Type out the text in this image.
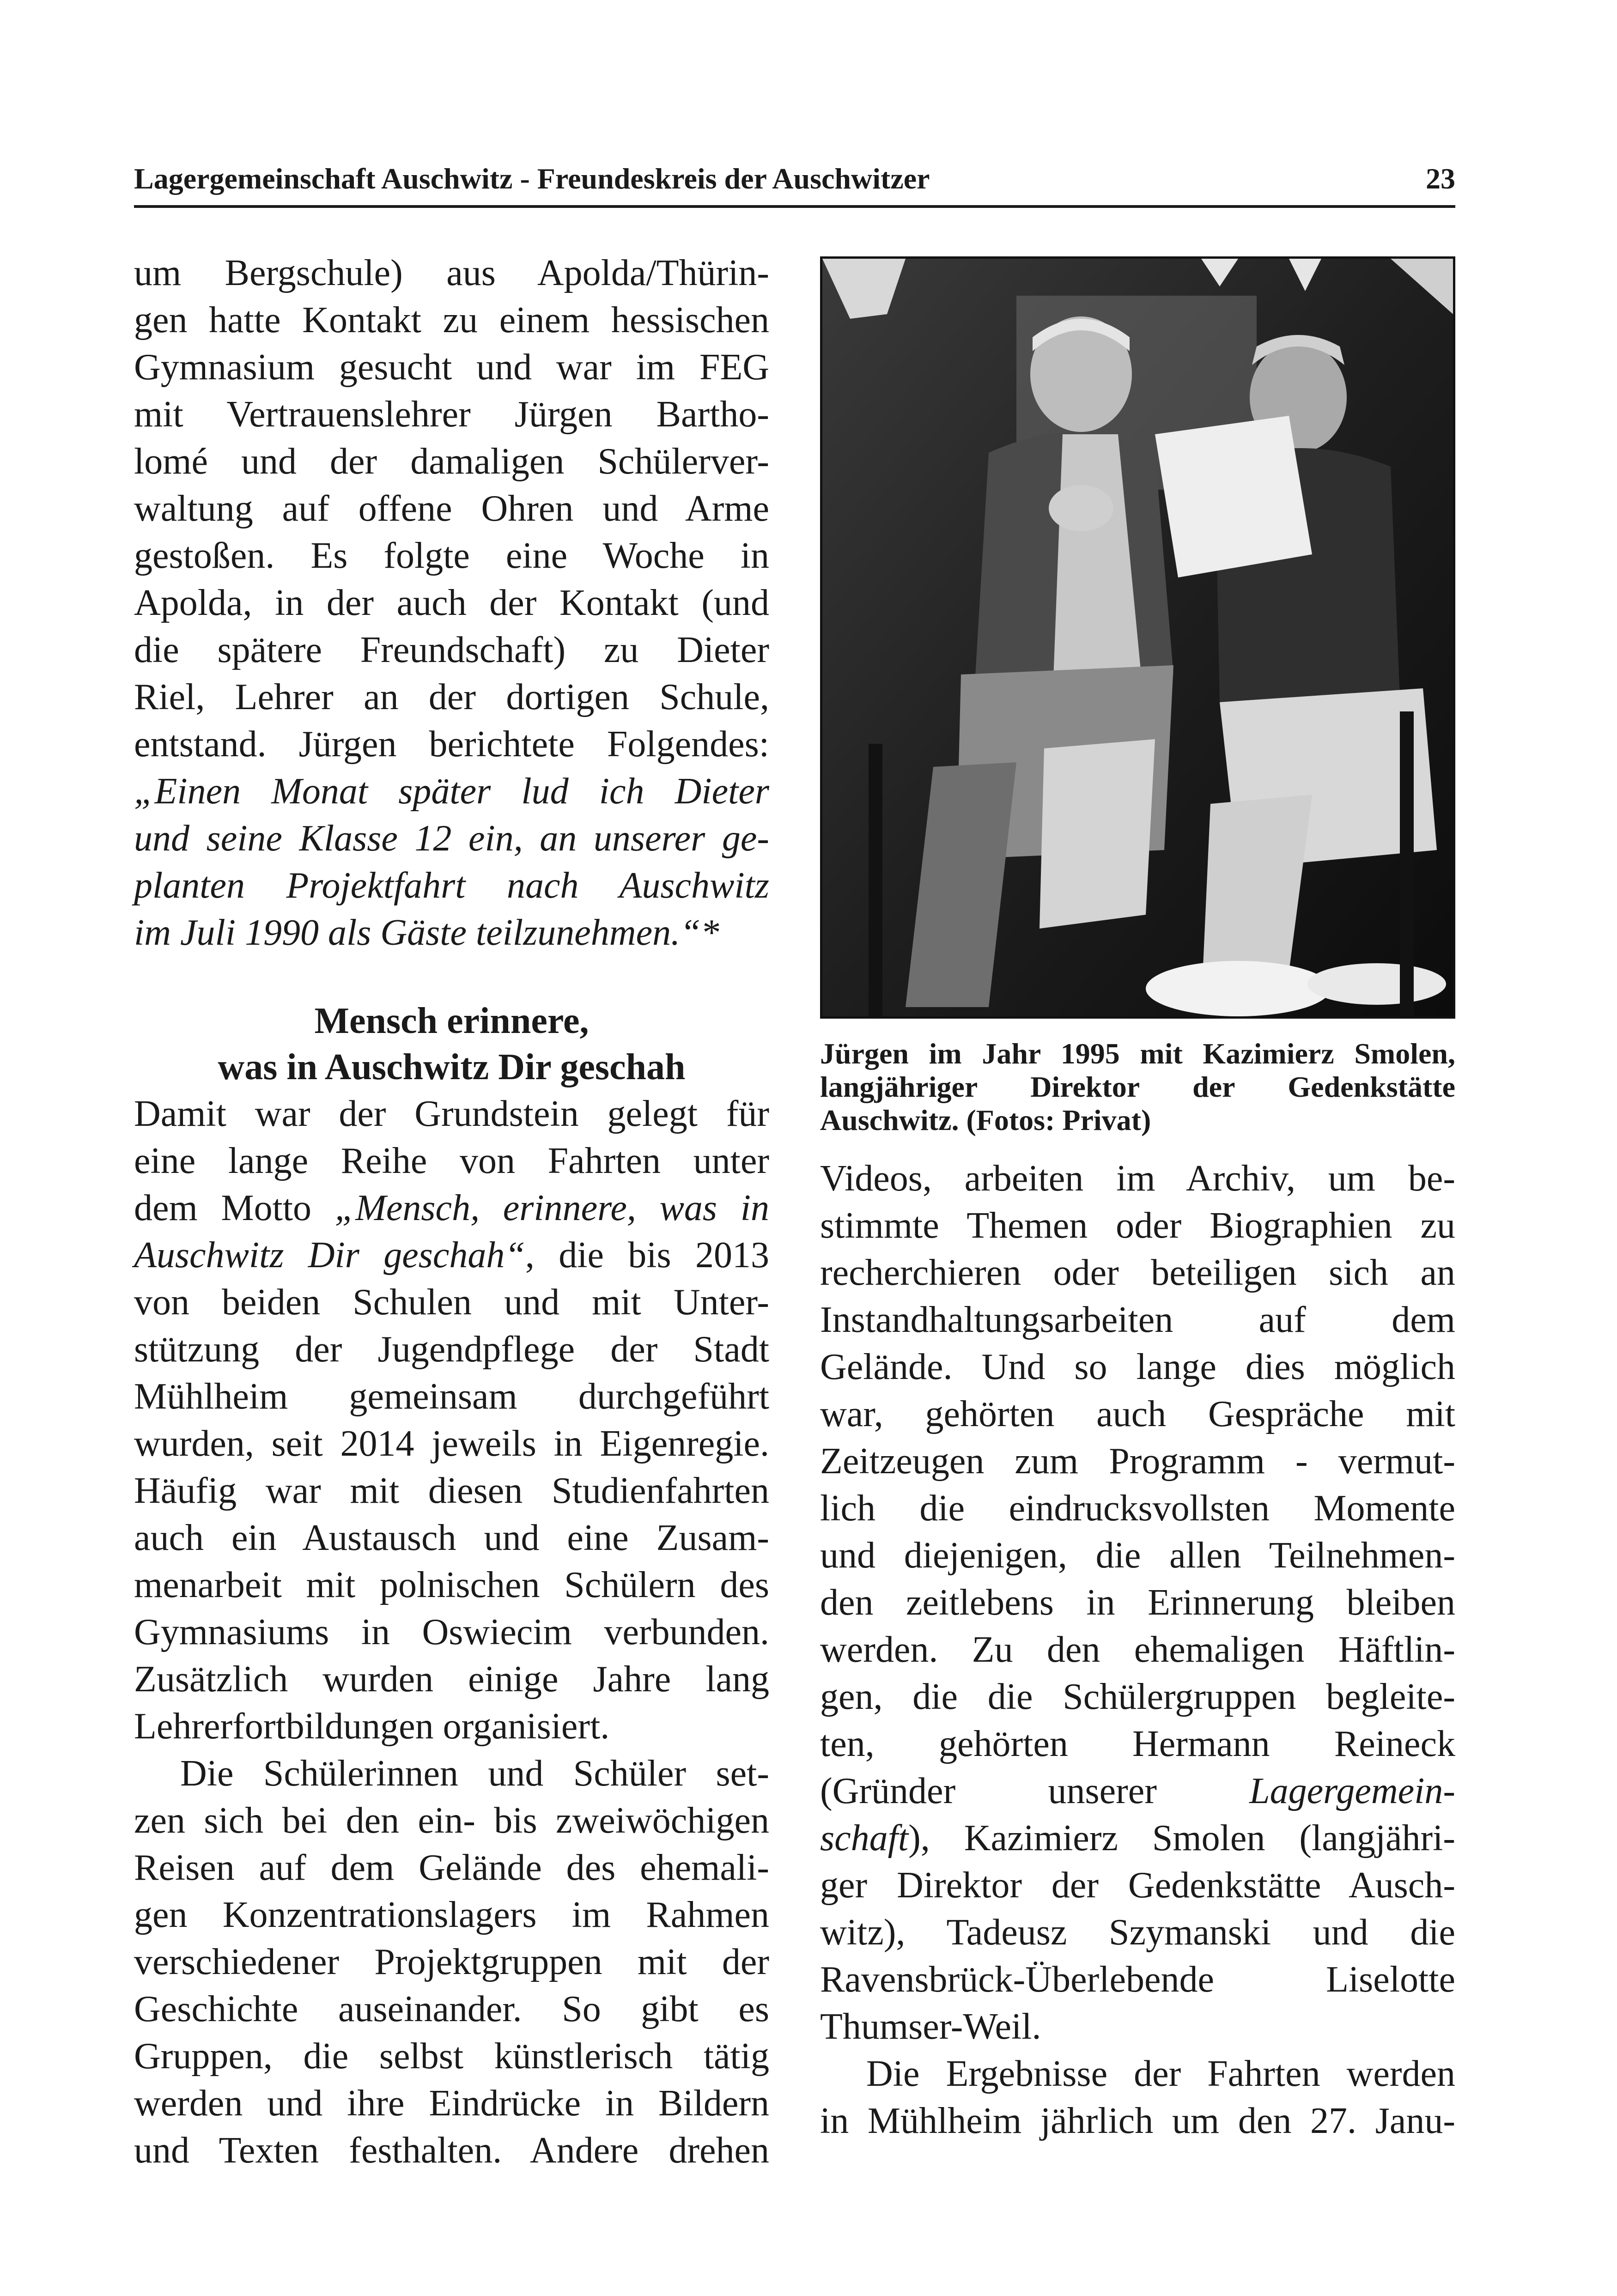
Lagergemeinschaft Auschwitz - Freundeskreis der Auschwitzer	23

um Bergschule) aus Apolda/Thürin-

gen hatte Kontakt zu einem hessischen

Gymnasium gesucht und war im FEG

mit Vertrauenslehrer Jürgen Bartho-

lomé und der damaligen Schülerver-

waltung auf offene Ohren und Arme

gestoßen. Es folgte eine Woche in

Apolda, in der auch der Kontakt (und

die spätere Freundschaft) zu Dieter

Riel, Lehrer an der dortigen Schule,

entstand. Jürgen berichtete Folgendes:

„Einen Monat später lud ich Dieter

und seine Klasse 12 ein, an unserer ge-

planten Projektfahrt nach Auschwitz

im Juli 1990 als Gäste teilzunehmen.“*

Mensch erinnere,
was in Auschwitz Dir geschah

Damit war der Grundstein gelegt für

eine lange Reihe von Fahrten unter

dem Motto „Mensch, erinnere, was in

Auschwitz Dir geschah“, die bis 2013

von beiden Schulen und mit Unter-

stützung der Jugendpflege der Stadt

Mühlheim gemeinsam durchgeführt

wurden, seit 2014 jeweils in Eigenregie.

Häufig war mit diesen Studienfahrten

auch ein Austausch und eine Zusam-

menarbeit mit polnischen Schülern des

Gymnasiums in Oswiecim verbunden.

Zusätzlich wurden einige Jahre lang

Lehrerfortbildungen organisiert.

Die Schülerinnen und Schüler set-

zen sich bei den ein- bis zweiwöchigen

Reisen auf dem Gelände des ehemali-

gen Konzentrationslagers im Rahmen

verschiedener Projektgruppen mit der

Geschichte auseinander. So gibt es

Gruppen, die selbst künstlerisch tätig

werden und ihre Eindrücke in Bildern

und Texten festhalten. Andere drehen

Jürgen im Jahr 1995 mit Kazimierz Smolen, langjähriger Direktor der Gedenkstätte Auschwitz. (Fotos: Privat)

Videos, arbeiten im Archiv, um be-

stimmte Themen oder Biographien zu

recherchieren oder beteiligen sich an

Instandhaltungsarbeiten auf dem

Gelände. Und so lange dies möglich

war, gehörten auch Gespräche mit

Zeitzeugen zum Programm - vermut-

lich die eindrucksvollsten Momente

und diejenigen, die allen Teilnehmen-

den zeitlebens in Erinnerung bleiben

werden. Zu den ehemaligen Häftlin-

gen, die die Schülergruppen begleite-

ten, gehörten Hermann Reineck

(Gründer unserer Lagergemein-

schaft), Kazimierz Smolen (langjähri-

ger Direktor der Gedenkstätte Ausch-

witz), Tadeusz Szymanski und die

Ravensbrück-Überlebende Liselotte

Thumser-Weil.

Die Ergebnisse der Fahrten werden

in Mühlheim jährlich um den 27. Janu-
